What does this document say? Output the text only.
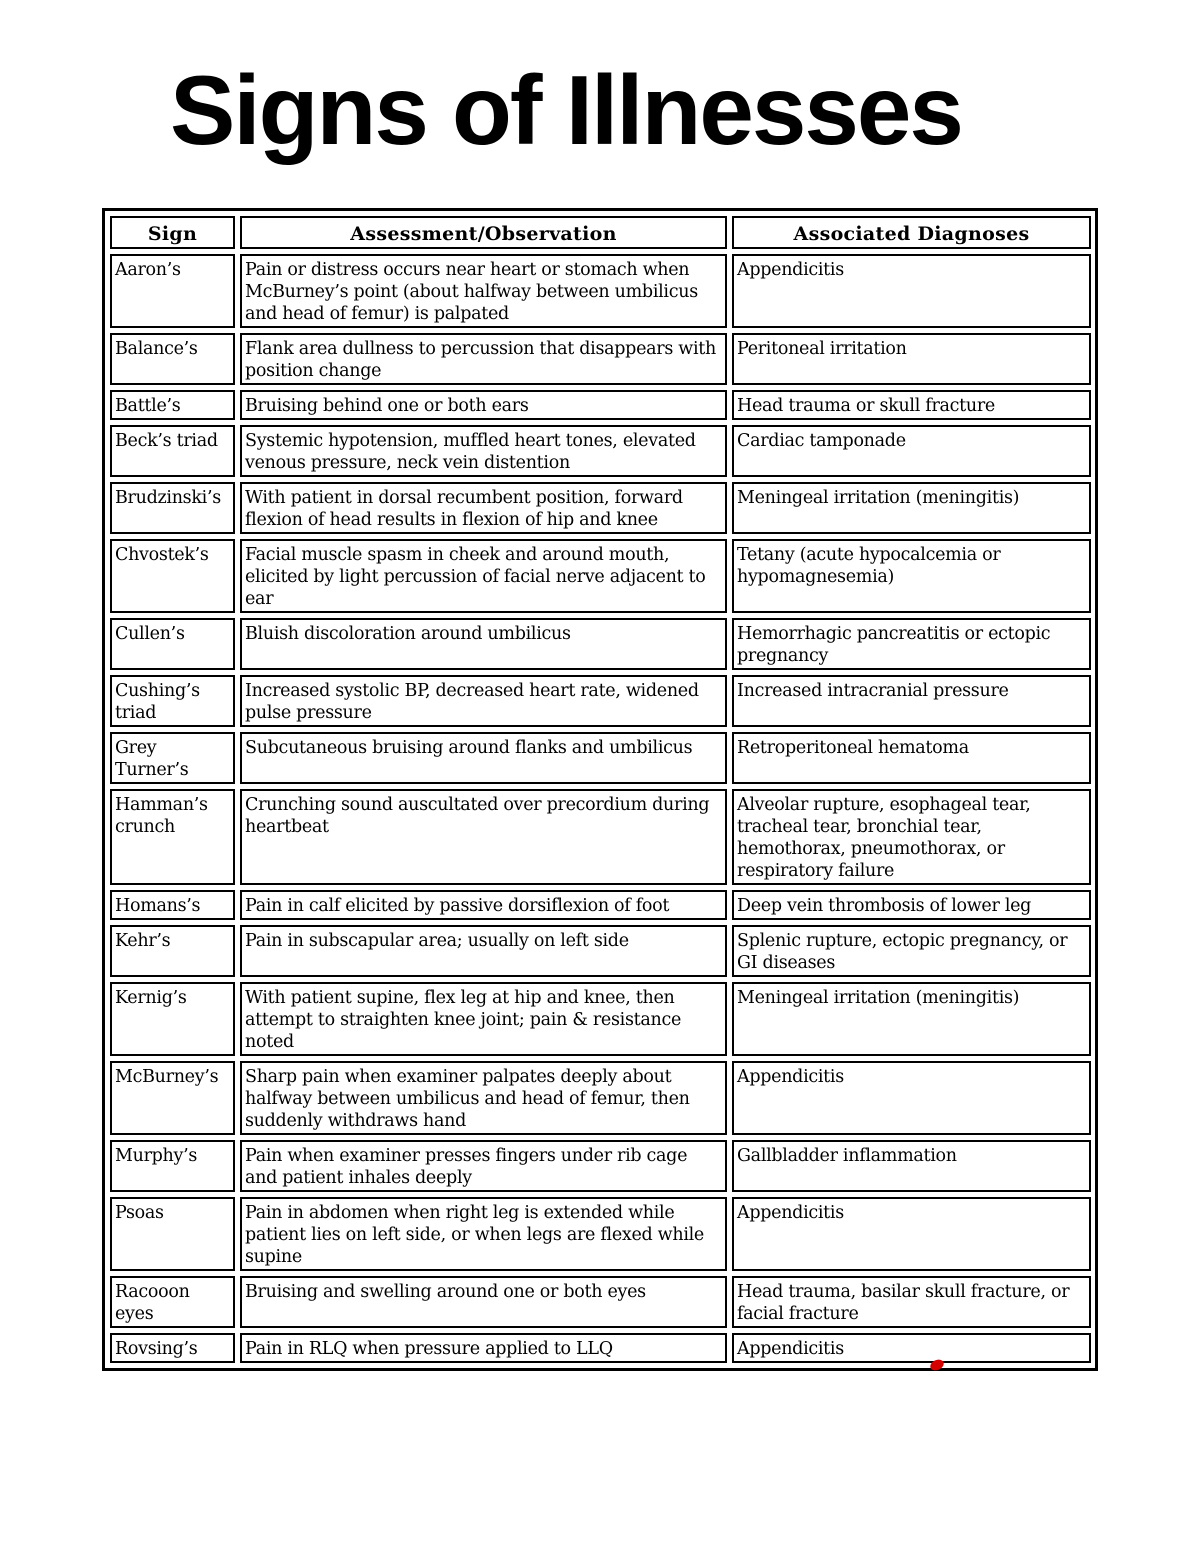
Signs of Illnesses
Sign	Assessment/Observation	Associated Diagnoses
Aaron’s	Pain or distress occurs near heart or stomach when McBurney’s point (about halfway between umbilicus and head of femur) is palpated	Appendicitis
Balance’s	Flank area dullness to percussion that disappears with position change	Peritoneal irritation
Battle’s	Bruising behind one or both ears	Head trauma or skull fracture
Beck’s triad	Systemic hypotension, muffled heart tones, elevated venous pressure, neck vein distention	Cardiac tamponade
Brudzinski’s	With patient in dorsal recumbent position, forward flexion of head results in flexion of hip and knee	Meningeal irritation (meningitis)
Chvostek’s	Facial muscle spasm in cheek and around mouth, elicited by light percussion of facial nerve adjacent to ear	Tetany (acute hypocalcemia or hypomagnesemia)
Cullen’s	Bluish discoloration around umbilicus	Hemorrhagic pancreatitis or ectopic pregnancy
Cushing’s triad	Increased systolic BP, decreased heart rate, widened pulse pressure	Increased intracranial pressure
Grey Turner’s	Subcutaneous bruising around flanks and umbilicus	Retroperitoneal hematoma
Hamman’s crunch	Crunching sound auscultated over precordium during heartbeat	Alveolar rupture, esophageal tear, tracheal tear, bronchial tear, hemothorax, pneumothorax, or respiratory failure
Homans’s	Pain in calf elicited by passive dorsiflexion of foot	Deep vein thrombosis of lower leg
Kehr’s	Pain in subscapular area; usually on left side	Splenic rupture, ectopic pregnancy, or GI diseases
Kernig’s	With patient supine, flex leg at hip and knee, then attempt to straighten knee joint; pain & resistance noted	Meningeal irritation (meningitis)
McBurney’s	Sharp pain when examiner palpates deeply about halfway between umbilicus and head of femur, then suddenly withdraws hand	Appendicitis
Murphy’s	Pain when examiner presses fingers under rib cage and patient inhales deeply	Gallbladder inflammation
Psoas	Pain in abdomen when right leg is extended while patient lies on left side, or when legs are flexed while supine	Appendicitis
Racooon eyes	Bruising and swelling around one or both eyes	Head trauma, basilar skull fracture, or facial fracture
Rovsing’s	Pain in RLQ when pressure applied to LLQ	Appendicitis
